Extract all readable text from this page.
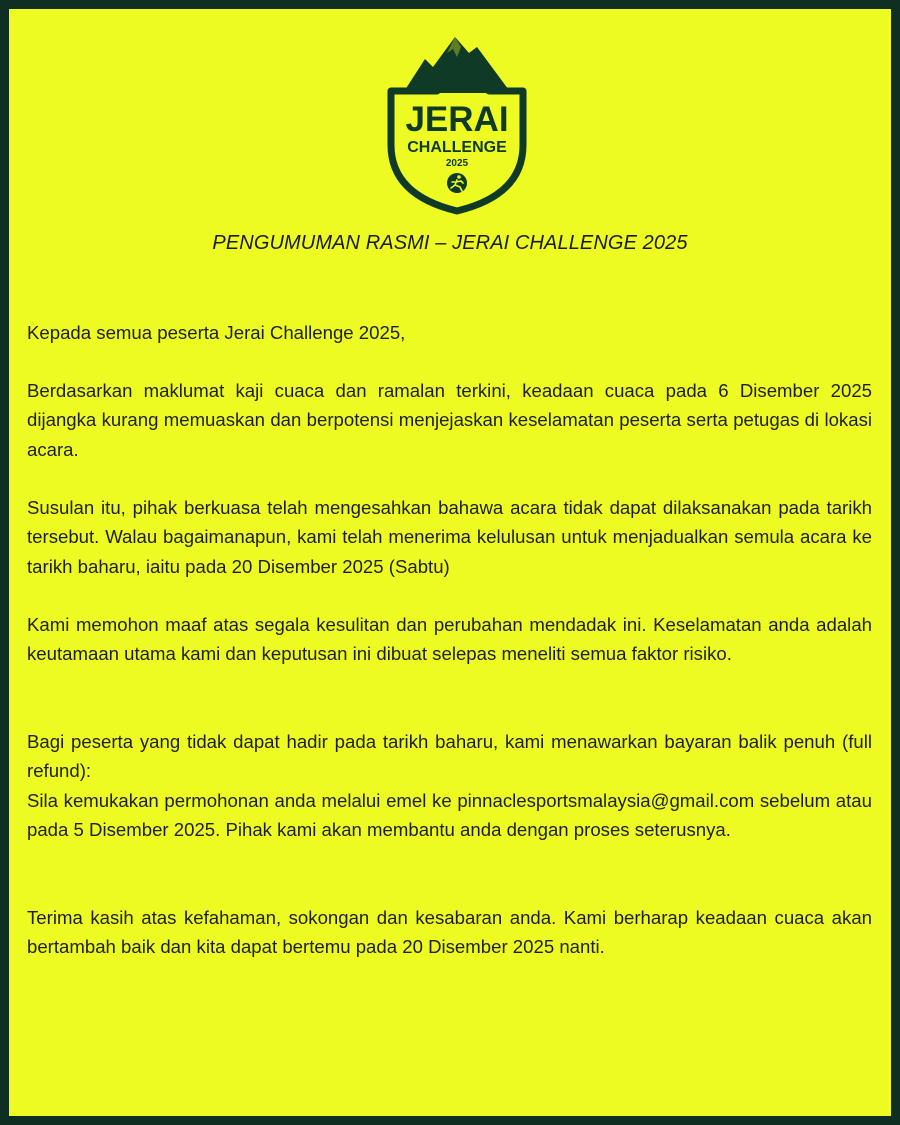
JERAI
CHALLENGE
2025
PENGUMUMAN RASMI – JERAI CHALLENGE 2025

Kepada semua peserta Jerai Challenge 2025,

Berdasarkan maklumat kaji cuaca dan ramalan terkini, keadaan cuaca pada 6 Disember 2025 dijangka kurang memuaskan dan berpotensi menjejaskan keselamatan peserta serta petugas di lokasi acara.

Susulan itu, pihak berkuasa telah mengesahkan bahawa acara tidak dapat dilaksanakan pada tarikh tersebut. Walau bagaimanapun, kami telah menerima kelulusan untuk menjadualkan semula acara ke tarikh baharu, iaitu pada 20 Disember 2025 (Sabtu)

Kami memohon maaf atas segala kesulitan dan perubahan mendadak ini. Keselamatan anda adalah keutamaan utama kami dan keputusan ini dibuat selepas meneliti semua faktor risiko.

Bagi peserta yang tidak dapat hadir pada tarikh baharu, kami menawarkan bayaran balik penuh (full refund):

Sila kemukakan permohonan anda melalui emel ke pinnaclesportsmalaysia@gmail.com sebelum atau pada 5 Disember 2025. Pihak kami akan membantu anda dengan proses seterusnya.

Terima kasih atas kefahaman, sokongan dan kesabaran anda. Kami berharap keadaan cuaca akan bertambah baik dan kita dapat bertemu pada 20 Disember 2025 nanti.
